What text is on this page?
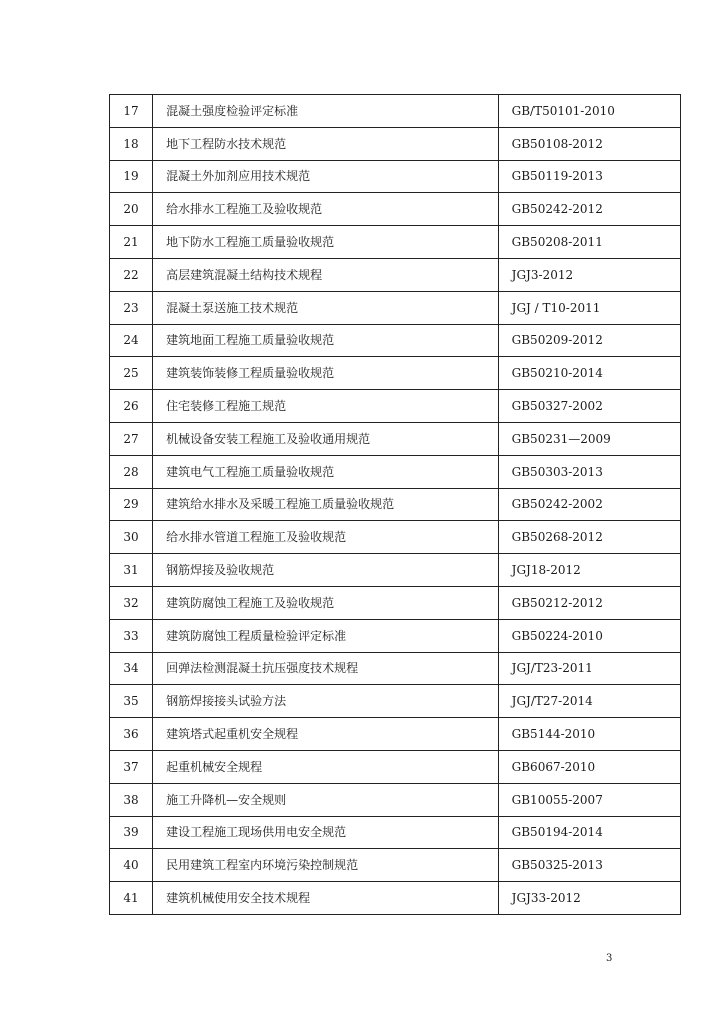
17	混凝土强度检验评定标准	GB/T50101-2010
18	地下工程防水技术规范	GB50108-2012
19	混凝土外加剂应用技术规范	GB50119-2013
20	给水排水工程施工及验收规范	GB50242-2012
21	地下防水工程施工质量验收规范	GB50208-2011
22	高层建筑混凝土结构技术规程	JGJ3-2012
23	混凝土泵送施工技术规范	JGJ / T10-2011
24	建筑地面工程施工质量验收规范	GB50209-2012
25	建筑装饰装修工程质量验收规范	GB50210-2014
26	住宅装修工程施工规范	GB50327-2002
27	机械设备安装工程施工及验收通用规范	GB50231—2009
28	建筑电气工程施工质量验收规范	GB50303-2013
29	建筑给水排水及采暖工程施工质量验收规范	GB50242-2002
30	给水排水管道工程施工及验收规范	GB50268-2012
31	钢筋焊接及验收规范	JGJ18-2012
32	建筑防腐蚀工程施工及验收规范	GB50212-2012
33	建筑防腐蚀工程质量检验评定标准	GB50224-2010
34	回弹法检测混凝土抗压强度技术规程	JGJ/T23-2011
35	钢筋焊接接头试验方法	JGJ/T27-2014
36	建筑塔式起重机安全规程	GB5144-2010
37	起重机械安全规程	GB6067-2010
38	施工升降机—安全规则	GB10055-2007
39	建设工程施工现场供用电安全规范	GB50194-2014
40	民用建筑工程室内环境污染控制规范	GB50325-2013
41	建筑机械使用安全技术规程	JGJ33-2012
3
